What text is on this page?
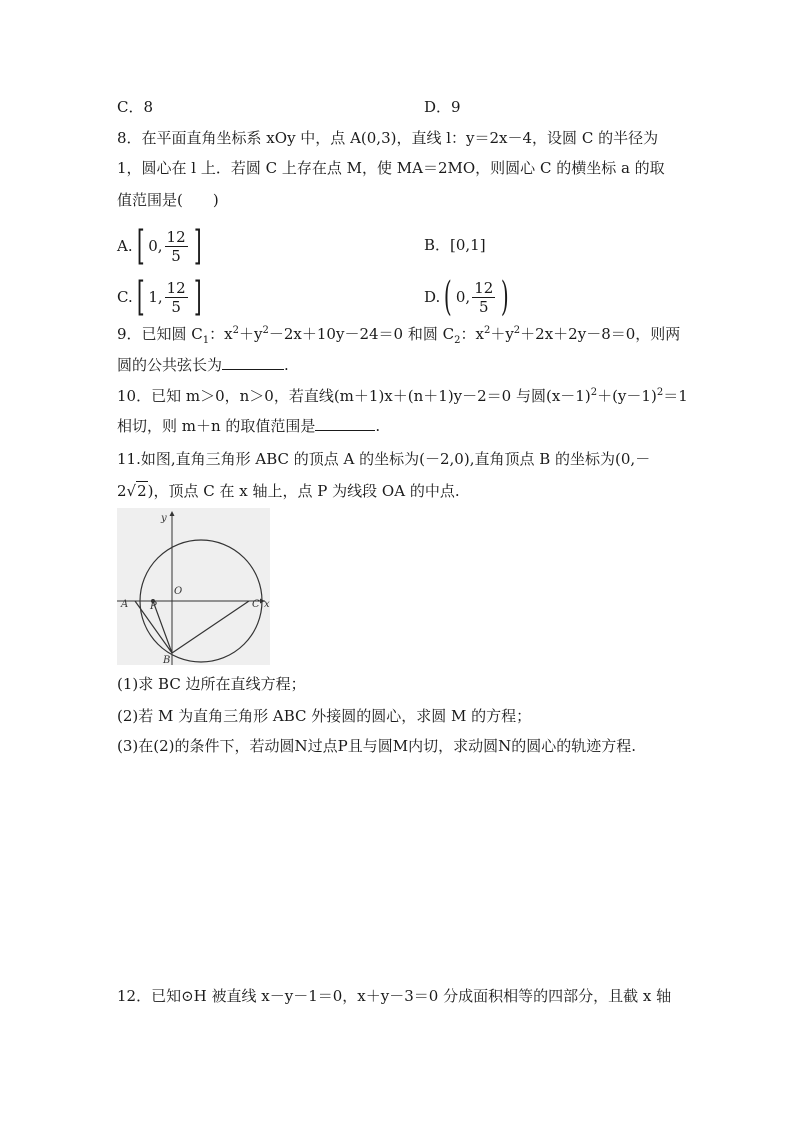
C．8	D．9
8．在平面直角坐标系 xOy 中，点 A(0,3)，直线 l：y＝2x－4，设圆 C 的半径为
1，圆心在 l 上．若圆 C 上存在点 M，使 MA＝2MO，则圆心 C 的横坐标 a 的取
值范围是(　　)
A. [ 0, $\frac{12}{5}$ ]	B．[0,1]
C. [ 1, $\frac{12}{5}$ ]	D. ( 0, $\frac{12}{5}$ )
9．已知圆 $C_1$：$x^2+y^2-2x+10y-24=0$ 和圆 $C_2$：$x^2+y^2+2x+2y-8=0$，则两
圆的公共弦长为	.
10．已知 m＞0，n＞0，若直线(m＋1)x＋(n＋1)y－2＝0 与圆$(x-1)^2+(y-1)^2=1$
相切，则 m＋n 的取值范围是	.
11.如图,直角三角形 ABC 的顶点 A 的坐标为(－2,0),直角顶点 B 的坐标为(0,－
2√2)，顶点 C 在 x 轴上，点 P 为线段 OA 的中点.
y
x
O
A P	C
B
(1)求 BC 边所在直线方程；
(2)若 M 为直角三角形 ABC 外接圆的圆心，求圆 M 的方程；
(3)在(2)的条件下，若动圆N过点P且与圆M内切，求动圆N的圆心的轨迹方程.
12．已知⊙H 被直线 x－y－1＝0，x＋y－3＝0 分成面积相等的四部分，且截 x 轴
